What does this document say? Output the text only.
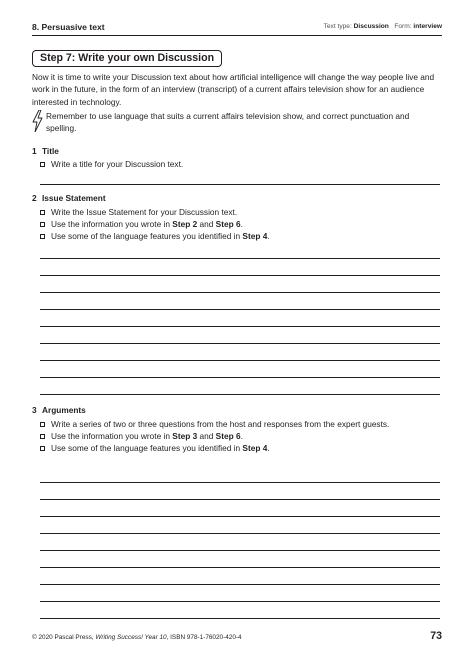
8. Persuasive text	Text type: Discussion Form: interview
Step 7: Write your own Discussion
Now it is time to write your Discussion text about how artificial intelligence will change the way people live and work in the future, in the form of an interview (transcript) of a current affairs television show for an audience interested in technology.
Remember to use language that suits a current affairs television show, and correct punctuation and spelling.
1 Title
Write a title for your Discussion text.
2 Issue Statement
Write the Issue Statement for your Discussion text.
Use the information you wrote in Step 2 and Step 6.
Use some of the language features you identified in Step 4.
3 Arguments
Write a series of two or three questions from the host and responses from the expert guests.
Use the information you wrote in Step 3 and Step 6.
Use some of the language features you identified in Step 4.
© 2020 Pascal Press, Writing Success! Year 10, ISBN 978-1-76020-420-4	73
